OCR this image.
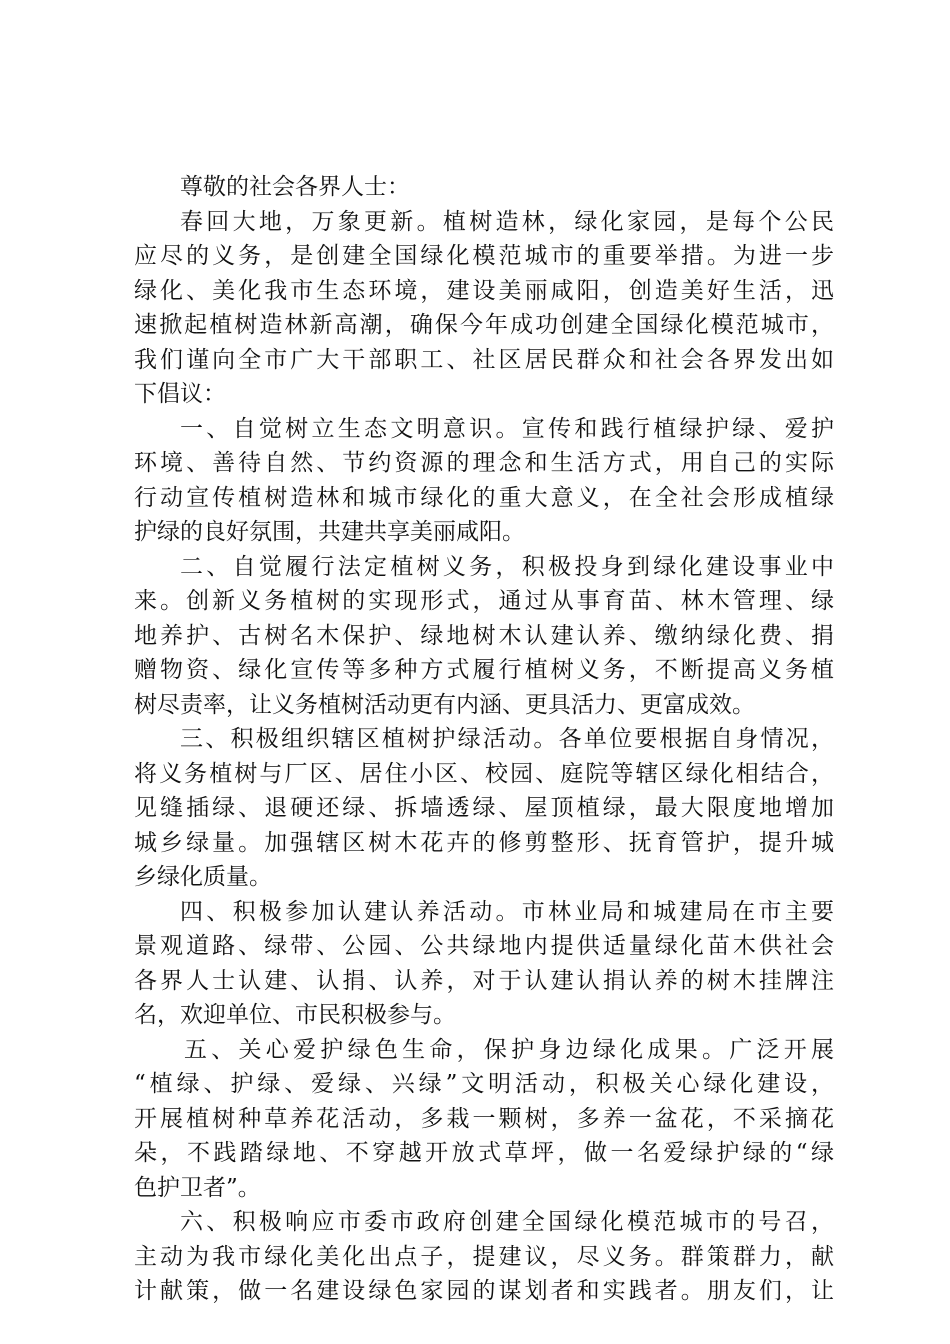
尊敬的社会各界人士：

春回大地，万象更新。植树造林，绿化家园，是每个公民
应尽的义务，是创建全国绿化模范城市的重要举措。为进一步
绿化、美化我市生态环境，建设美丽咸阳，创造美好生活，迅
速掀起植树造林新高潮，确保今年成功创建全国绿化模范城市，
我们谨向全市广大干部职工、社区居民群众和社会各界发出如
下倡议：
一、自觉树立生态文明意识。宣传和践行植绿护绿、爱护
环境、善待自然、节约资源的理念和生活方式，用自己的实际
行动宣传植树造林和城市绿化的重大意义，在全社会形成植绿
护绿的良好氛围，共建共享美丽咸阳。
二、自觉履行法定植树义务，积极投身到绿化建设事业中
来。创新义务植树的实现形式，通过从事育苗、林木管理、绿
地养护、古树名木保护、绿地树木认建认养、缴纳绿化费、捐
赠物资、绿化宣传等多种方式履行植树义务，不断提高义务植
树尽责率，让义务植树活动更有内涵、更具活力、更富成效。
三、积极组织辖区植树护绿活动。各单位要根据自身情况，
将义务植树与厂区、居住小区、校园、庭院等辖区绿化相结合，
见缝插绿、退硬还绿、拆墙透绿、屋顶植绿，最大限度地增加
城乡绿量。加强辖区树木花卉的修剪整形、抚育管护，提升城
乡绿化质量。
四、积极参加认建认养活动。市林业局和城建局在市主要
景观道路、绿带、公园、公共绿地内提供适量绿化苗木供社会
各界人士认建、认捐、认养，对于认建认捐认养的树木挂牌注
名，欢迎单位、市民积极参与。
五、关心爱护绿色生命，保护身边绿化成果。广泛开展
“植绿、护绿、爱绿、兴绿”文明活动，积极关心绿化建设，
开展植树种草养花活动，多栽一颗树，多养一盆花，不采摘花
朵，不践踏绿地、不穿越开放式草坪，做一名爱绿护绿的“绿
色护卫者”。
六、积极响应市委市政府创建全国绿化模范城市的号召，
主动为我市绿化美化出点子，提建议，尽义务。群策群力，献
计献策，做一名建设绿色家园的谋划者和实践者。朋友们，让
